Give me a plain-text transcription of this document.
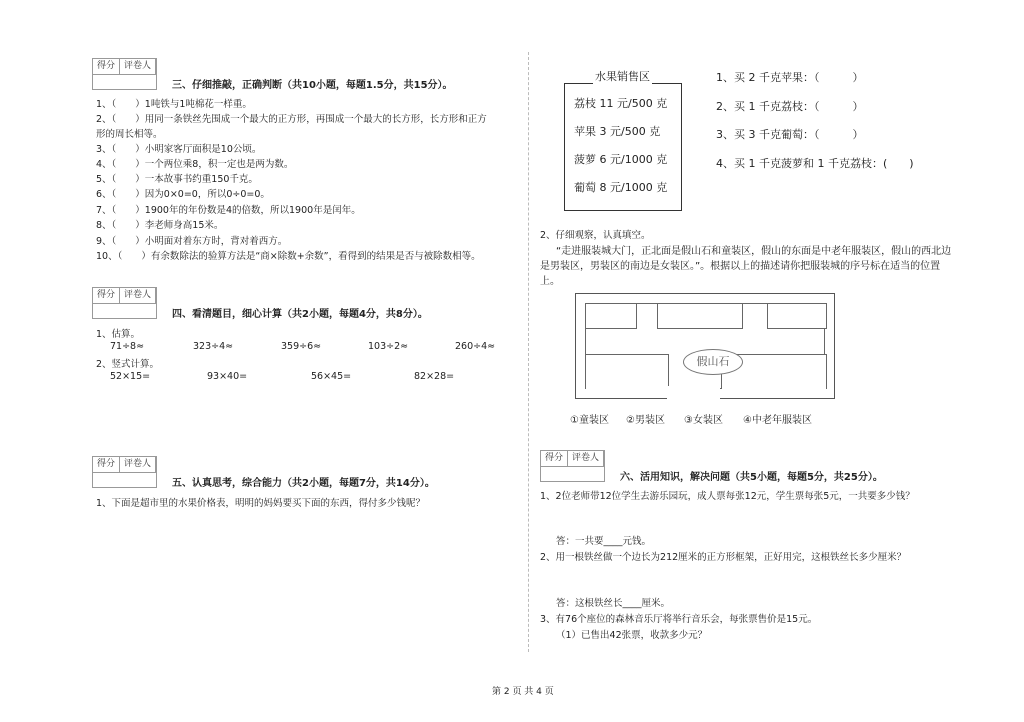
得分	评卷人
得分	评卷人
得分	评卷人
得分	评卷人
三、仔细推敲，正确判断（共10小题，每题1.5分，共15分）。
1、（　　）1吨铁与1吨棉花一样重。
2、（　　）用同一条铁丝先围成一个最大的正方形，再围成一个最大的长方形，长方形和正方
形的周长相等。
3、（　　）小明家客厅面积是10公顷。
4、（　　）一个两位乘8，积一定也是两为数。
5、（　　）一本故事书约重150千克。
6、（　　）因为0×0=0，所以0÷0=0。
7、（　　）1900年的年份数是4的倍数，所以1900年是闰年。
8、（　　）李老师身高15米。
9、（　　）小明面对着东方时，背对着西方。
10、（　　）有余数除法的验算方法是“商×除数+余数”，看得到的结果是否与被除数相等。
四、看清题目，细心计算（共2小题，每题4分，共8分）。
1、估算。
71÷8≈	323÷4≈	359÷6≈	103÷2≈	260÷4≈
2、竖式计算。
52×15=	93×40=	56×45=	82×28=
五、认真思考，综合能力（共2小题，每题7分，共14分）。
1、下面是超市里的水果价格表，明明的妈妈要买下面的东西，得付多少钱呢？
水果销售区
荔枝 11 元/500 克
苹果 3 元/500 克
菠萝 6 元/1000 克
葡萄 8 元/1000 克
1、买 2 千克苹果：（　　　）
2、买 1 千克荔枝：（　　　）
3、买 3 千克葡萄：（　　　）
4、买 1 千克菠萝和 1 千克荔枝：(　　)
2、仔细观察，认真填空。
“走进服装城大门，正北面是假山石和童装区，假山的东面是中老年服装区，假山的西北边
是男装区，男装区的南边是女装区。”。根据以上的描述请你把服装城的序号标在适当的位置
上。
假山石
①童装区 ②男装区 ③女装区 ④中老年服装区
六、活用知识，解决问题（共5小题，每题5分，共25分）。
1、2位老师带12位学生去游乐园玩，成人票每张12元，学生票每张5元，一共要多少钱？
答：一共要____元钱。
2、用一根铁丝做一个边长为212厘米的正方形框架，正好用完，这根铁丝长多少厘米？
答：这根铁丝长____厘米。
3、有76个座位的森林音乐厅将举行音乐会，每张票售价是15元。
（1）已售出42张票，收款多少元？
第 2 页 共 4 页
